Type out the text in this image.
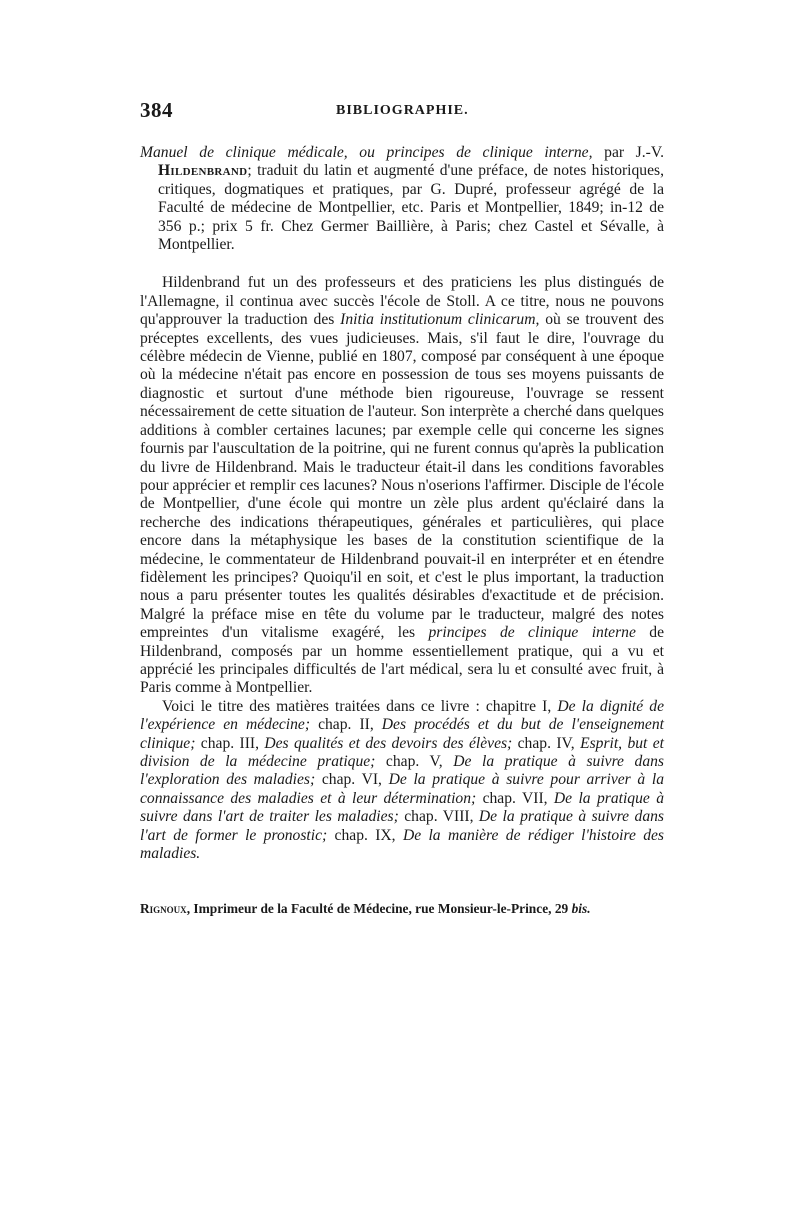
384	BIBLIOGRAPHIE.
Manuel de clinique médicale, ou principes de clinique interne, par J.-V. Hildenbrand; traduit du latin et augmenté d'une préface, de notes historiques, critiques, dogmatiques et pratiques, par G. Dupré, professeur agrégé de la Faculté de médecine de Montpellier, etc. Paris et Montpellier, 1849; in-12 de 356 p.; prix 5 fr. Chez Germer Baillière, à Paris; chez Castel et Sévalle, à Montpellier.

Hildenbrand fut un des professeurs et des praticiens les plus distingués de l'Allemagne, il continua avec succès l'école de Stoll. A ce titre, nous ne pouvons qu'approuver la traduction des Initia institutionum clinicarum, où se trouvent des préceptes excellents, des vues judicieuses. Mais, s'il faut le dire, l'ouvrage du célèbre médecin de Vienne, publié en 1807, composé par conséquent à une époque où la médecine n'était pas encore en possession de tous ses moyens puissants de diagnostic et surtout d'une méthode bien rigoureuse, l'ouvrage se ressent nécessairement de cette situation de l'auteur. Son interprète a cherché dans quelques additions à combler certaines lacunes; par exemple celle qui concerne les signes fournis par l'auscultation de la poitrine, qui ne furent connus qu'après la publication du livre de Hildenbrand. Mais le traducteur était-il dans les conditions favorables pour apprécier et remplir ces lacunes? Nous n'oserions l'affirmer. Disciple de l'école de Montpellier, d'une école qui montre un zèle plus ardent qu'éclairé dans la recherche des indications thérapeutiques, générales et particulières, qui place encore dans la métaphysique les bases de la constitution scientifique de la médecine, le commentateur de Hildenbrand pouvait-il en interpréter et en étendre fidèlement les principes? Quoiqu'il en soit, et c'est le plus important, la traduction nous a paru présenter toutes les qualités désirables d'exactitude et de précision. Malgré la préface mise en tête du volume par le traducteur, malgré des notes empreintes d'un vitalisme exagéré, les principes de clinique interne de Hildenbrand, composés par un homme essentiellement pratique, qui a vu et apprécié les principales difficultés de l'art médical, sera lu et consulté avec fruit, à Paris comme à Montpellier.

Voici le titre des matières traitées dans ce livre : chapitre I, De la dignité de l'expérience en médecine; chap. II, Des procédés et du but de l'enseignement clinique; chap. III, Des qualités et des devoirs des élèves; chap. IV, Esprit, but et division de la médecine pratique; chap. V, De la pratique à suivre dans l'exploration des maladies; chap. VI, De la pratique à suivre pour arriver à la connaissance des maladies et à leur détermination; chap. VII, De la pratique à suivre dans l'art de traiter les maladies; chap. VIII, De la pratique à suivre dans l'art de former le pronostic; chap. IX, De la manière de rédiger l'histoire des maladies.

Rignoux, Imprimeur de la Faculté de Médecine, rue Monsieur-le-Prince, 29 bis.
